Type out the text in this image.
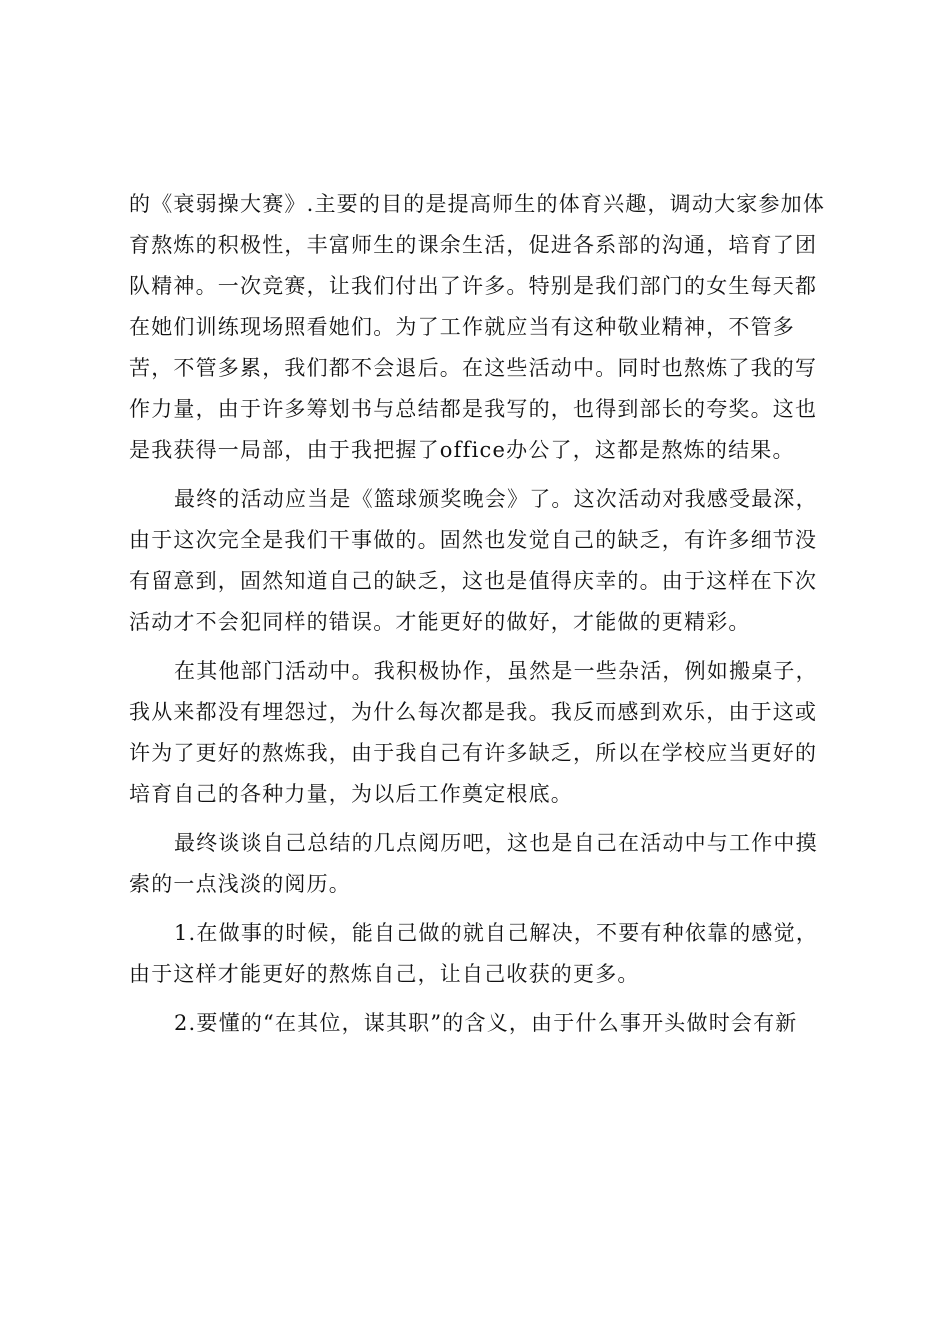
的《衰弱操大赛》.主要的目的是提高师生的体育兴趣，调动大家参加体
育熬炼的积极性，丰富师生的课余生活，促进各系部的沟通，培育了团
队精神。一次竞赛，让我们付出了许多。特别是我们部门的女生每天都
在她们训练现场照看她们。为了工作就应当有这种敬业精神，不管多
苦，不管多累，我们都不会退后。在这些活动中。同时也熬炼了我的写
作力量，由于许多筹划书与总结都是我写的，也得到部长的夸奖。这也
是我获得一局部，由于我把握了office办公了，这都是熬炼的结果。
最终的活动应当是《篮球颁奖晚会》了。这次活动对我感受最深，
由于这次完全是我们干事做的。固然也发觉自己的缺乏，有许多细节没
有留意到，固然知道自己的缺乏，这也是值得庆幸的。由于这样在下次
活动才不会犯同样的错误。才能更好的做好，才能做的更精彩。
在其他部门活动中。我积极协作，虽然是一些杂活，例如搬桌子，
我从来都没有埋怨过，为什么每次都是我。我反而感到欢乐，由于这或
许为了更好的熬炼我，由于我自己有许多缺乏，所以在学校应当更好的
培育自己的各种力量，为以后工作奠定根底。
最终谈谈自己总结的几点阅历吧，这也是自己在活动中与工作中摸
索的一点浅淡的阅历。
1.在做事的时候，能自己做的就自己解决，不要有种依靠的感觉，
由于这样才能更好的熬炼自己，让自己收获的更多。
2.要懂的“在其位，谋其职”的含义，由于什么事开头做时会有新
